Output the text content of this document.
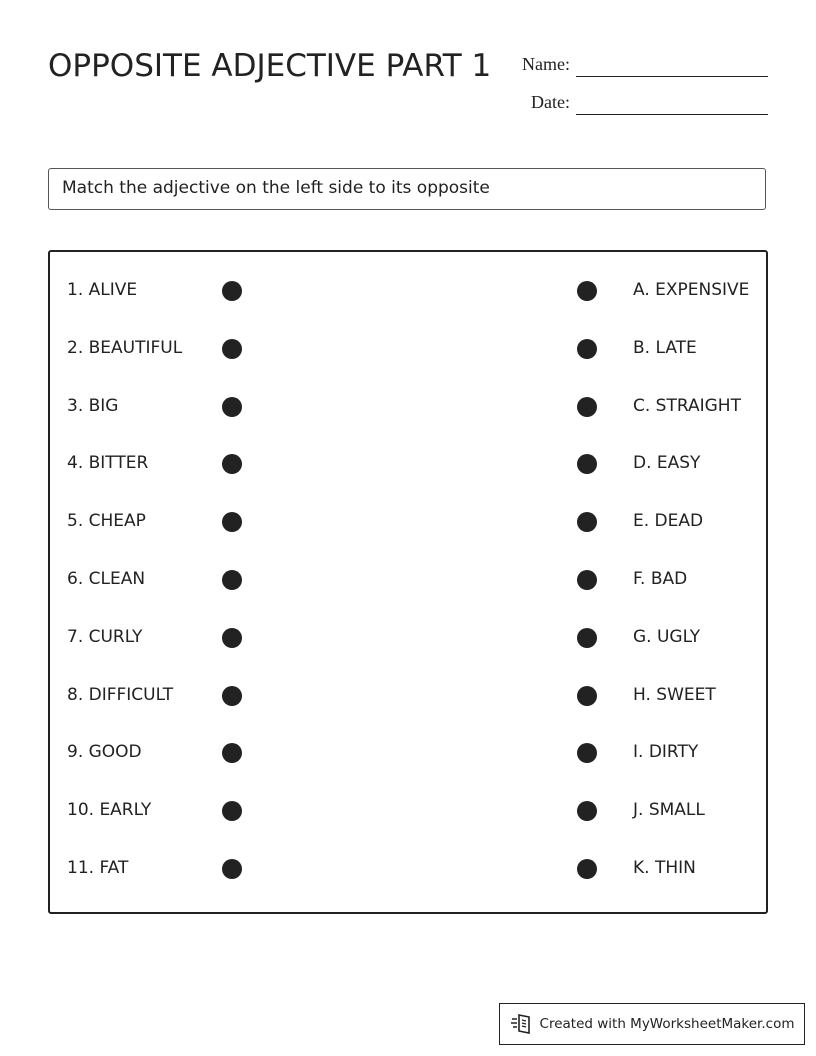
OPPOSITE ADJECTIVE PART 1	Name:
Date:
Match the adjective on the left side to its opposite
1. ALIVE	A. EXPENSIVE
2. BEAUTIFUL	B. LATE
3. BIG	C. STRAIGHT
4. BITTER	D. EASY
5. CHEAP	E. DEAD
6. CLEAN	F. BAD
7. CURLY	G. UGLY
8. DIFFICULT	H. SWEET
9. GOOD	I. DIRTY
10. EARLY	J. SMALL
11. FAT	K. THIN
Created with MyWorksheetMaker.com
